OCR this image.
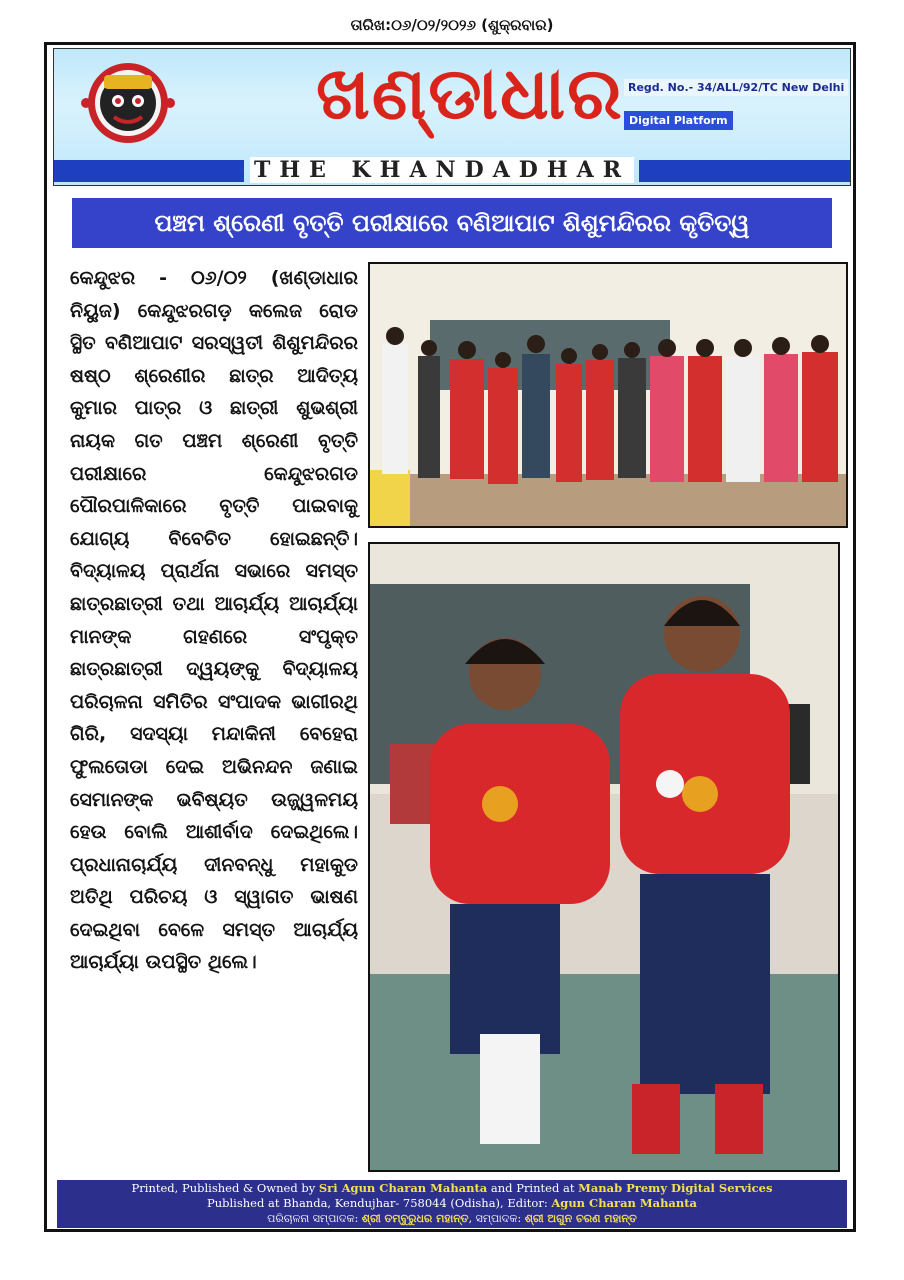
ତାରିଖ:୦୬/୦୨/୨୦୨୬ (ଶୁକ୍ରବାର)
ଖଣ୍ଡାଧାର Regd. No.- 34/ALL/92/TC New Delhi
Digital Platform
THE KHANDADHAR
ପଞ୍ଚମ ଶ୍ରେଣୀ ବୃତ୍ତି ପରୀକ୍ଷାରେ ବଣିଆପାଟ ଶିଶୁମନ୍ଦିରର କୃତିତ୍ୱ
କେନ୍ଦୁଝର - ୦୬/୦୨ (ଖଣ୍ଡାଧାର ନିୟୁଜ) କେନ୍ଦୁଝରଗଡ଼ କଲେଜ ରୋଡ ସ୍ଥିତ ବଣିଆପାଟ ସରସ୍ୱତୀ ଶିଶୁମନ୍ଦିରର ଷଷ୍ଠ ଶ୍ରେଣୀର ଛାତ୍ର ଆଦିତ୍ୟ କୁମାର ପାତ୍ର ଓ ଛାତ୍ରୀ ଶୁଭଶ୍ରୀ ନାୟକ ଗତ ପଞ୍ଚମ ଶ୍ରେଣୀ ବୃତ୍ତି ପରୀକ୍ଷାରେ କେନ୍ଦୁଝରଗଡ ପୌରପାଳିକାରେ ବୃତ୍ତି ପାଇବାକୁ ଯୋଗ୍ୟ ବିବେଚିତ ହୋଇଛନ୍ତି। ବିଦ୍ୟାଳୟ ପ୍ରାର୍ଥନା ସଭାରେ ସମସ୍ତ ଛାତ୍ରଛାତ୍ରୀ ତଥା ଆଚାର୍ଯ୍ୟ ଆଚାର୍ଯ୍ୟା ମାନଙ୍କ ଗହଣରେ ସଂପୃକ୍ତ ଛାତ୍ରଛାତ୍ରୀ ଦ୍ୱୟଙ୍କୁ ବିଦ୍ୟାଳୟ ପରିଚାଳନା ସମିତିର ସଂପାଦକ ଭାଗୀରଥି ଗିରି, ସଦସ୍ୟା ମନ୍ଦାକିନୀ ବେହେରା ଫୁଲତୋଡା ଦେଇ ଅଭିନନ୍ଦନ ଜଣାଇ ସେମାନଙ୍କ ଭବିଷ୍ୟତ ଉଜ୍ଜ୍ୱଳମୟ ହେଉ ବୋଲି ଆଶୀର୍ବାଦ ଦେଇଥିଲେ। ପ୍ରଧାନାଚାର୍ଯ୍ୟ ଦୀନବନ୍ଧୁ ମହାକୁଡ ଅତିଥି ପରିଚୟ ଓ ସ୍ୱାଗତ ଭାଷଣ ଦେଇଥିବା ବେଳେ ସମସ୍ତ ଆଚାର୍ଯ୍ୟ ଆଚାର୍ଯ୍ୟା ଉପସ୍ଥିତ ଥିଲେ।
Printed, Published & Owned by Sri Agun Charan Mahanta and Printed at Manab Premy Digital Services
Published at Bhanda, Kendujhar- 758044 (Odisha), Editor: Agun Charan Mahanta
ପରିଚାଳନା ସମ୍ପାଦକ: ଶ୍ରୀ ତମ୍ବୁରୁଧର ମହାନ୍ତ, ସମ୍ପାଦକ: ଶ୍ରୀ ଅଗୁନ ଚରଣ ମହାନ୍ତ
